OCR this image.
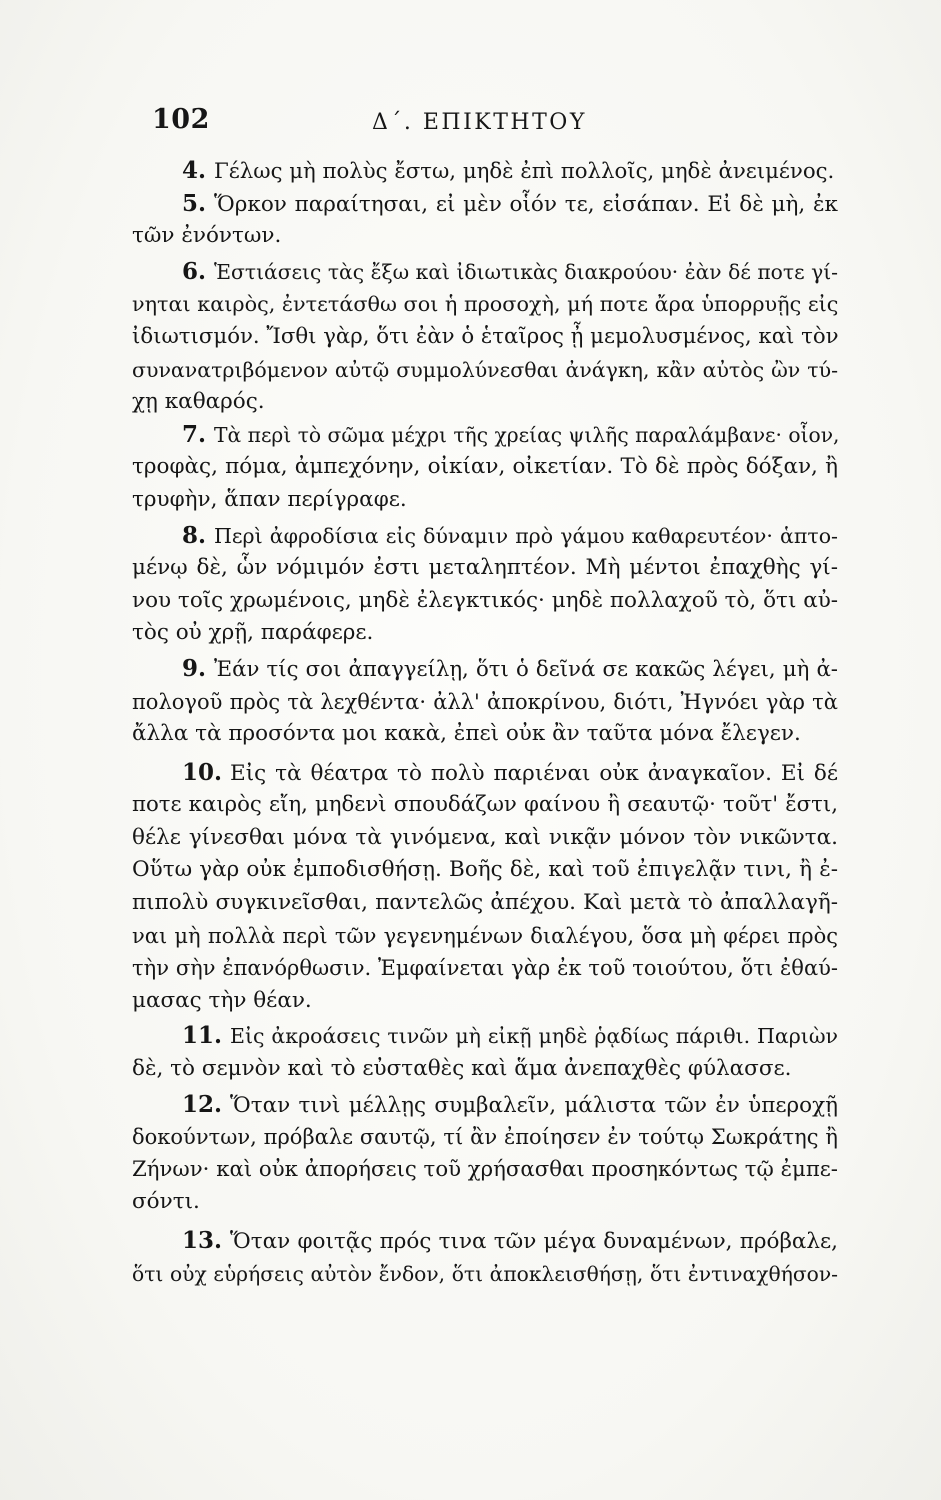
102	Δ΄. ΕΠΙΚΤΗΤΟΥ
4. Γέλως μὴ πολὺς ἔστω, μηδὲ ἐπὶ πολλοῖς, μηδὲ ἀνειμένος.
5. Ὅρκον παραίτησαι, εἰ μὲν οἷόν τε, εἰσάπαν. Εἰ δὲ μὴ, ἐκ
τῶν ἐνόντων.
6. Ἑστιάσεις τὰς ἔξω καὶ ἰδιωτικὰς διακρούου· ἐὰν δέ ποτε γί-
νηται καιρὸς, ἐντετάσθω σοι ἡ προσοχὴ, μή ποτε ἄρα ὑπορρυῇς εἰς
ἰδιωτισμόν. Ἴσθι γὰρ, ὅτι ἐὰν ὁ ἑταῖρος ᾖ μεμολυσμένος, καὶ τὸν
συνανατριβόμενον αὐτῷ συμμολύνεσθαι ἀνάγκη, κἂν αὐτὸς ὢν τύ-
χῃ καθαρός.
7. Τὰ περὶ τὸ σῶμα μέχρι τῆς χρείας ψιλῆς παραλάμβανε· οἷον,
τροφὰς, πόμα, ἀμπεχόνην, οἰκίαν, οἰκετίαν. Τὸ δὲ πρὸς δόξαν, ἢ
τρυφὴν, ἅπαν περίγραφε.
8. Περὶ ἀφροδίσια εἰς δύναμιν πρὸ γάμου καθαρευτέον· ἁπτο-
μένῳ δὲ, ὧν νόμιμόν ἐστι μεταληπτέον. Μὴ μέντοι ἐπαχθὴς γί-
νου τοῖς χρωμένοις, μηδὲ ἐλεγκτικός· μηδὲ πολλαχοῦ τὸ, ὅτι αὐ-
τὸς οὐ χρῇ, παράφερε.
9. Ἐάν τίς σοι ἀπαγγείλῃ, ὅτι ὁ δεῖνά σε κακῶς λέγει, μὴ ἀ-
πολογοῦ πρὸς τὰ λεχθέντα· ἀλλ' ἀποκρίνου, διότι, Ἠγνόει γὰρ τὰ
ἄλλα τὰ προσόντα μοι κακὰ, ἐπεὶ οὐκ ἂν ταῦτα μόνα ἔλεγεν.
10. Εἰς τὰ θέατρα τὸ πολὺ παριέναι οὐκ ἀναγκαῖον. Εἰ δέ
ποτε καιρὸς εἴη, μηδενὶ σπουδάζων φαίνου ἢ σεαυτῷ· τοῦτ' ἔστι,
θέλε γίνεσθαι μόνα τὰ γινόμενα, καὶ νικᾷν μόνον τὸν νικῶντα.
Οὕτω γὰρ οὐκ ἐμποδισθήσῃ. Βοῆς δὲ, καὶ τοῦ ἐπιγελᾷν τινι, ἢ ἐ-
πιπολὺ συγκινεῖσθαι, παντελῶς ἀπέχου. Καὶ μετὰ τὸ ἀπαλλαγῆ-
ναι μὴ πολλὰ περὶ τῶν γεγενημένων διαλέγου, ὅσα μὴ φέρει πρὸς
τὴν σὴν ἐπανόρθωσιν. Ἐμφαίνεται γὰρ ἐκ τοῦ τοιούτου, ὅτι ἐθαύ-
μασας τὴν θέαν.
11. Εἰς ἀκροάσεις τινῶν μὴ εἰκῇ μηδὲ ῥᾳδίως πάριθι. Παριὼν
δὲ, τὸ σεμνὸν καὶ τὸ εὐσταθὲς καὶ ἅμα ἀνεπαχθὲς φύλασσε.
12. Ὅταν τινὶ μέλλῃς συμβαλεῖν, μάλιστα τῶν ἐν ὑπεροχῇ
δοκούντων, πρόβαλε σαυτῷ, τί ἂν ἐποίησεν ἐν τούτῳ Σωκράτης ἢ
Ζήνων· καὶ οὐκ ἀπορήσεις τοῦ χρήσασθαι προσηκόντως τῷ ἐμπε-
σόντι.
13. Ὅταν φοιτᾷς πρός τινα τῶν μέγα δυναμένων, πρόβαλε,
ὅτι οὐχ εὑρήσεις αὐτὸν ἔνδον, ὅτι ἀποκλεισθήσῃ, ὅτι ἐντιναχθήσον-
